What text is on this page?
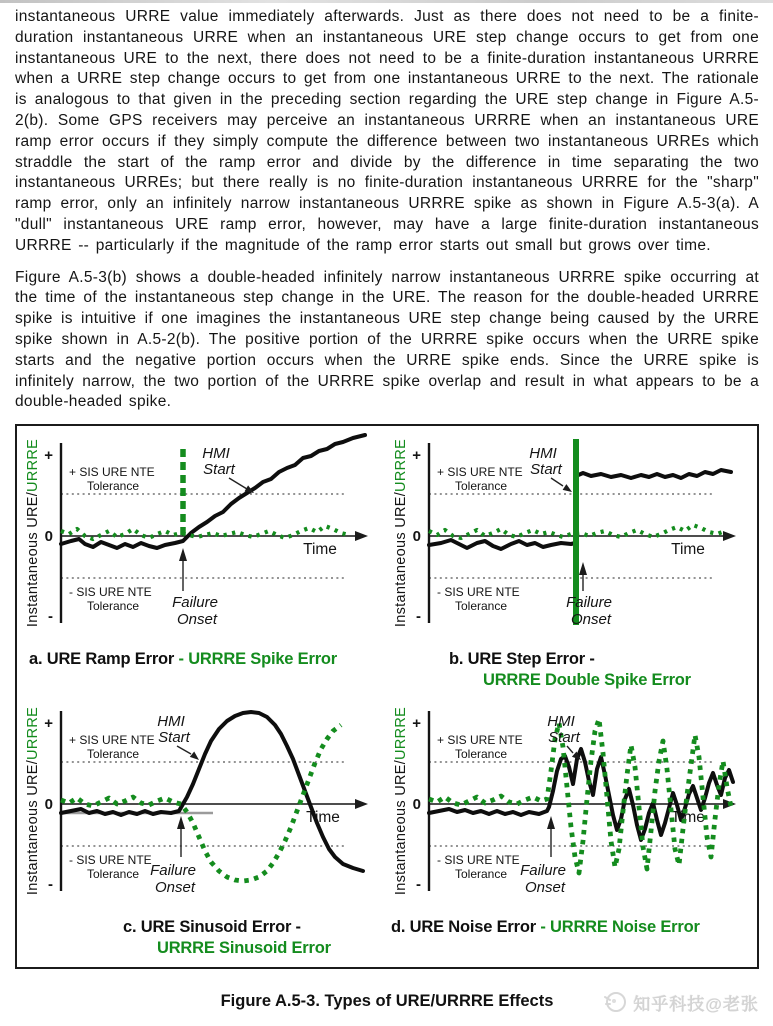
instantaneous URRE value immediately afterwards. Just as there does not need to be a finite-duration instantaneous URRE when an instantaneous URE step change occurs to get from one instantaneous URE to the next, there does not need to be a finite-duration instantaneous URRRE when a URRE step change occurs to get from one instantaneous URRE to the next. The rationale is analogous to that given in the preceding section regarding the URE step change in Figure A.5-2(b). Some GPS receivers may perceive an instantaneous URRRE when an instantaneous URE ramp error occurs if they simply compute the difference between two instantaneous URREs which straddle the start of the ramp error and divide by the difference in time separating the two instantaneous URREs; but there really is no finite-duration instantaneous URRRE for the "sharp" ramp error, only an infinitely narrow instantaneous URRRE spike as shown in Figure A.5-3(a). A "dull" instantaneous URE ramp error, however, may have a large finite-duration instantaneous URRRE -- particularly if the magnitude of the ramp error starts out small but grows over time.

Figure A.5-3(b) shows a double-headed infinitely narrow instantaneous URRRE spike occurring at the time of the instantaneous step change in the URE. The reason for the double-headed URRRE spike is intuitive if one imagines the instantaneous URE step change being caused by the URRE spike shown in A.5-2(b). The positive portion of the URRRE spike occurs when the URRE spike starts and the negative portion occurs when the URRE spike ends. Since the URRE spike is infinitely narrow, the two portion of the URRRE spike overlap and result in what appears to be a double-headed spike.

+
0
-
+ SIS URE NTE
Tolerance
- SIS URE NTE
Tolerance
Time
Instantaneous URE/URRRE	HMI
Start
Failure
Onset
a. URE Ramp Error - URRRE Spike Error
+
0
-
+ SIS URE NTE
Tolerance
- SIS URE NTE
Tolerance
Time
Instantaneous URE/URRRE	HMI
Start
Failure
Onset
b. URE Step Error -
URRRE Double Spike Error
+
0
-
+ SIS URE NTE
Tolerance
- SIS URE NTE
Tolerance
Time
Instantaneous URE/URRRE	HMI
Start
Failure
Onset
c. URE Sinusoid Error -
URRRE Sinusoid Error
+
0
-
+ SIS URE NTE
Tolerance
- SIS URE NTE
Tolerance
Time
Instantaneous URE/URRRE	HMI
Start
Failure
Onset
d. URE Noise Error - URRRE Noise Error
Figure A.5-3. Types of URE/URRRE Effects	知乎科技@老张
